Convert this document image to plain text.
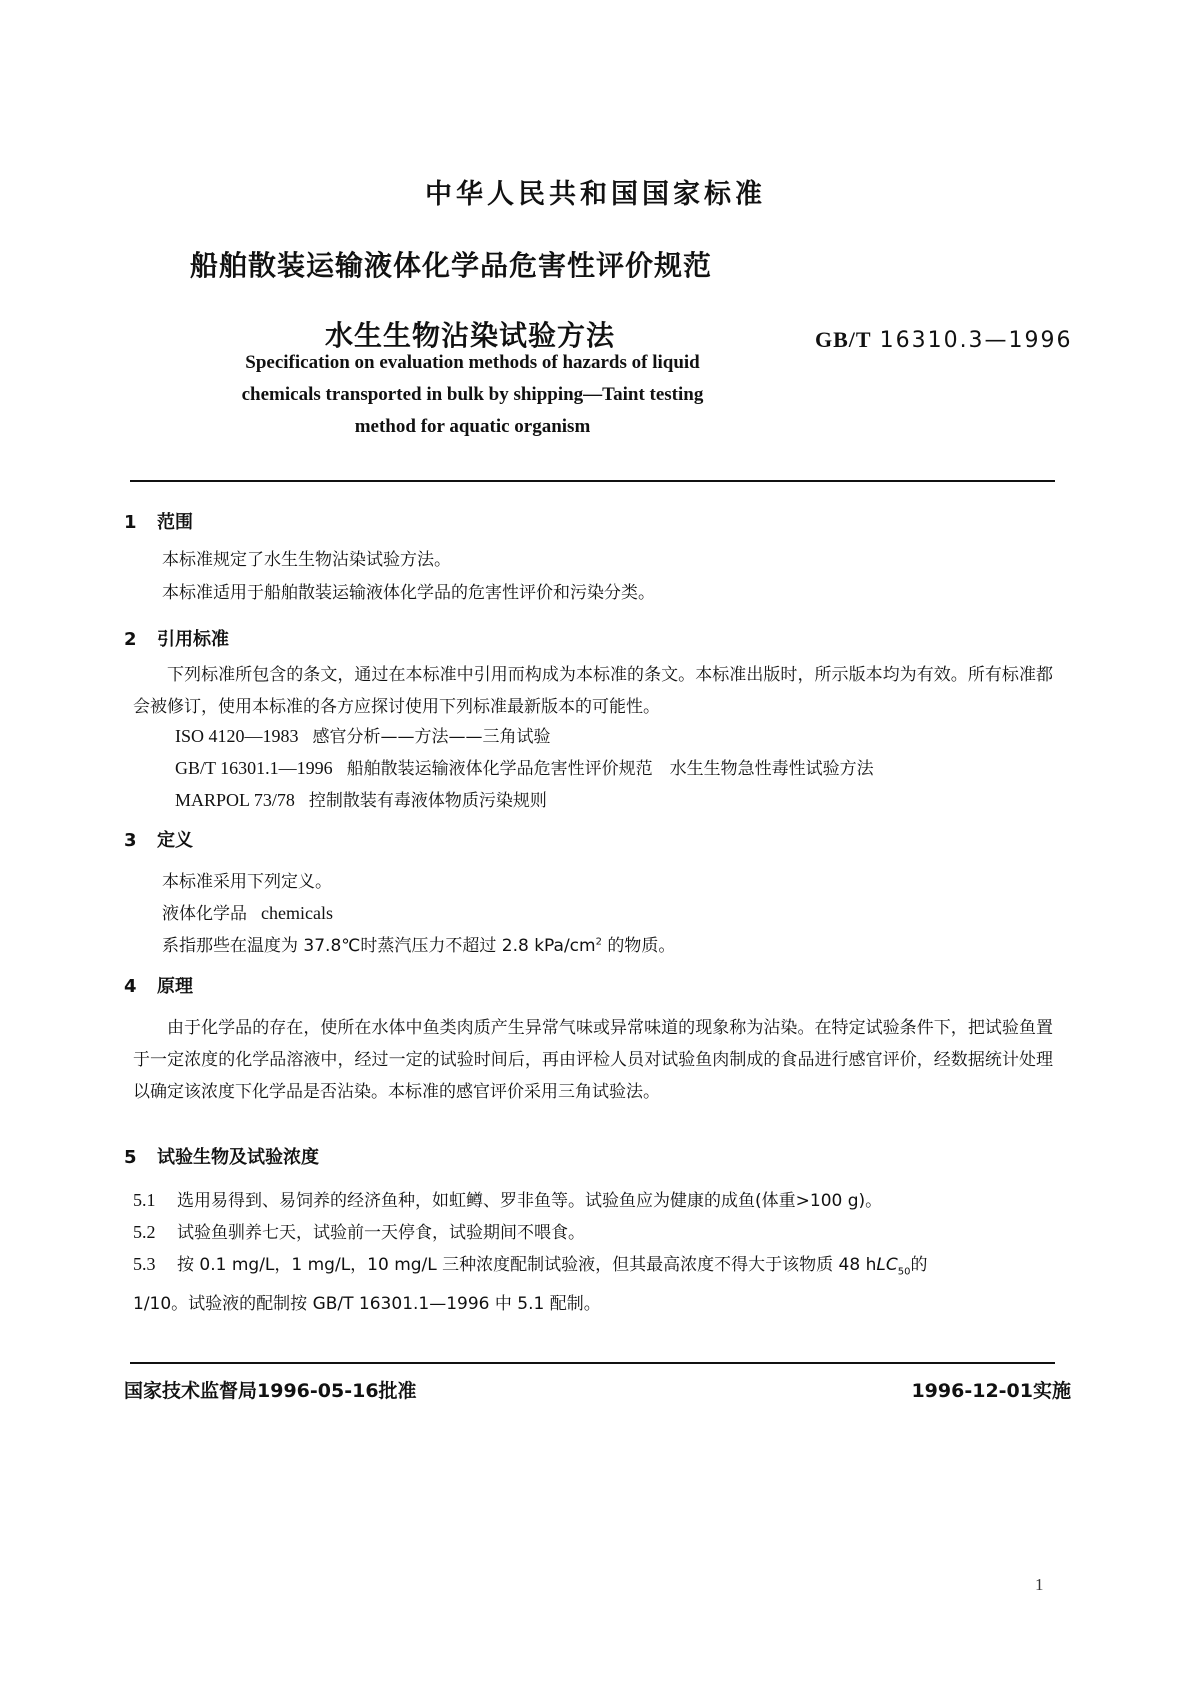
中华人民共和国国家标准
船舶散装运输液体化学品危害性评价规范
水生生物沾染试验方法	GB/T 16310.3—1996
Specification on evaluation methods of hazards of liquid
chemicals transported in bulk by shipping—Taint testing
method for aquatic organism
1 范围
本标准规定了水生生物沾染试验方法。
本标准适用于船舶散装运输液体化学品的危害性评价和污染分类。
2 引用标准
下列标准所包含的条文，通过在本标准中引用而构成为本标准的条文。本标准出版时，所示版本均为有效。所有标准都会被修订，使用本标准的各方应探讨使用下列标准最新版本的可能性。
ISO 4120—1983 感官分析——方法——三角试验
GB/T 16301.1—1996 船舶散装运输液体化学品危害性评价规范　水生生物急性毒性试验方法
MARPOL 73/78 控制散装有毒液体物质污染规则
3 定义
本标准采用下列定义。
液体化学品 chemicals
系指那些在温度为 37.8℃时蒸汽压力不超过 2.8 kPa/$cm^2$ 的物质。
4 原理
由于化学品的存在，使所在水体中鱼类肉质产生异常气味或异常味道的现象称为沾染。在特定试验条件下，把试验鱼置于一定浓度的化学品溶液中，经过一定的试验时间后，再由评检人员对试验鱼肉制成的食品进行感官评价，经数据统计处理以确定该浓度下化学品是否沾染。本标准的感官评价采用三角试验法。
5 试验生物及试验浓度
5.1 选用易得到、易饲养的经济鱼种，如虹鳟、罗非鱼等。试验鱼应为健康的成鱼(体重>100 g)。
5.2 试验鱼驯养七天，试验前一天停食，试验期间不喂食。
5.3 按 0.1 mg/L，1 mg/L，10 mg/L 三种浓度配制试验液，但其最高浓度不得大于该物质 48 hLC$_{50}$的
1/10。试验液的配制按 GB/T 16301.1—1996 中 5.1 配制。
国家技术监督局1996-05-16批准	1996-12-01实施
1
